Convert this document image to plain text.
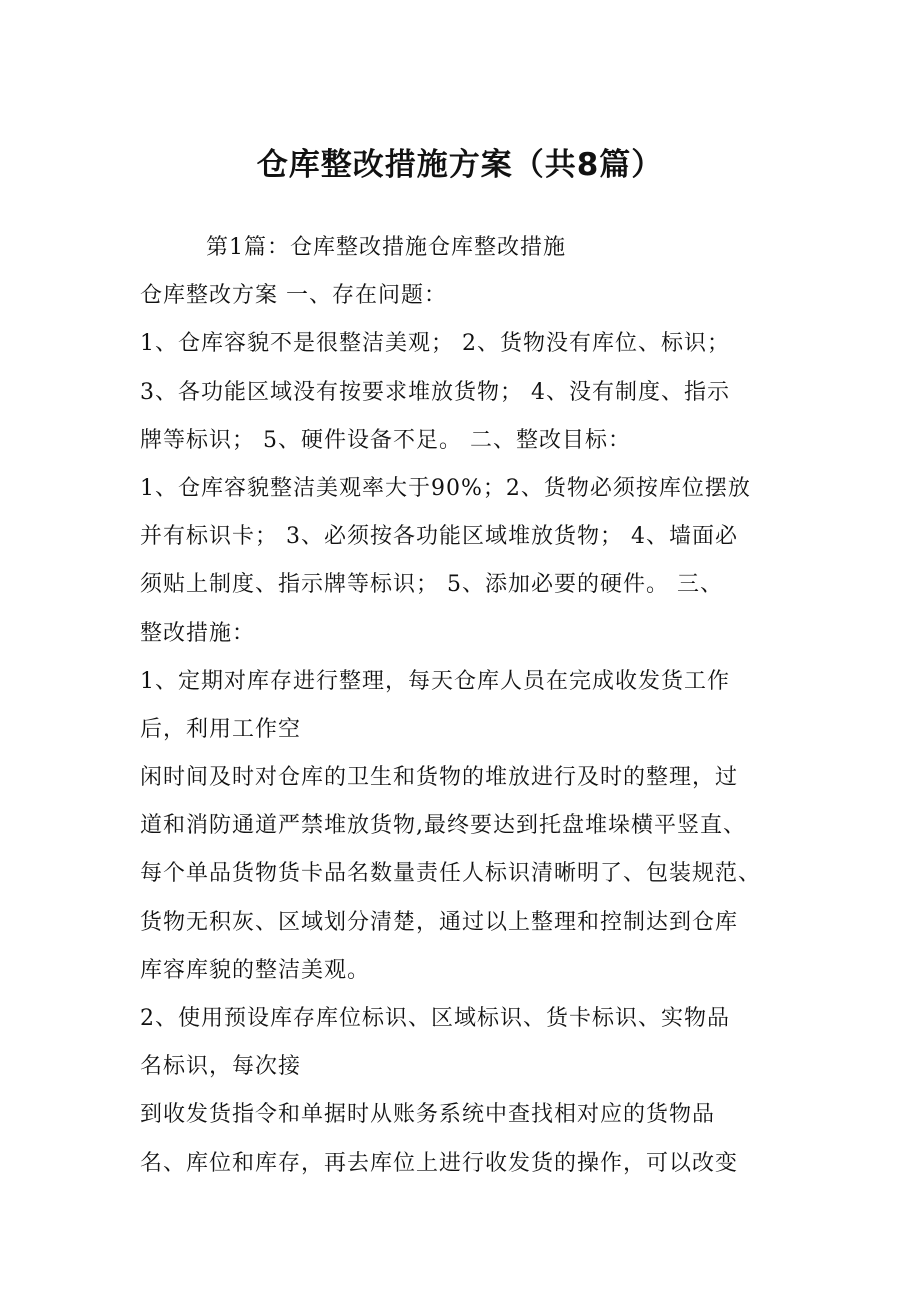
仓库整改措施方案（共8篇）

第1篇：仓库整改措施仓库整改措施

仓库整改方案 一、存在问题：

1、仓库容貌不是很整洁美观； 2、货物没有库位、标识；

3、各功能区域没有按要求堆放货物； 4、没有制度、指示

牌等标识； 5、硬件设备不足。 二、整改目标：

1、仓库容貌整洁美观率大于90%；2、货物必须按库位摆放

并有标识卡； 3、必须按各功能区域堆放货物； 4、墙面必

须贴上制度、指示牌等标识； 5、添加必要的硬件。 三、

整改措施：

1、定期对库存进行整理，每天仓库人员在完成收发货工作

后，利用工作空

闲时间及时对仓库的卫生和货物的堆放进行及时的整理，过

道和消防通道严禁堆放货物,最终要达到托盘堆垛横平竖直、

每个单品货物货卡品名数量责任人标识清晰明了、包装规范、

货物无积灰、区域划分清楚，通过以上整理和控制达到仓库

库容库貌的整洁美观。

2、使用预设库存库位标识、区域标识、货卡标识、实物品

名标识，每次接

到收发货指令和单据时从账务系统中查找相对应的货物品

名、库位和库存，再去库位上进行收发货的操作，可以改变
